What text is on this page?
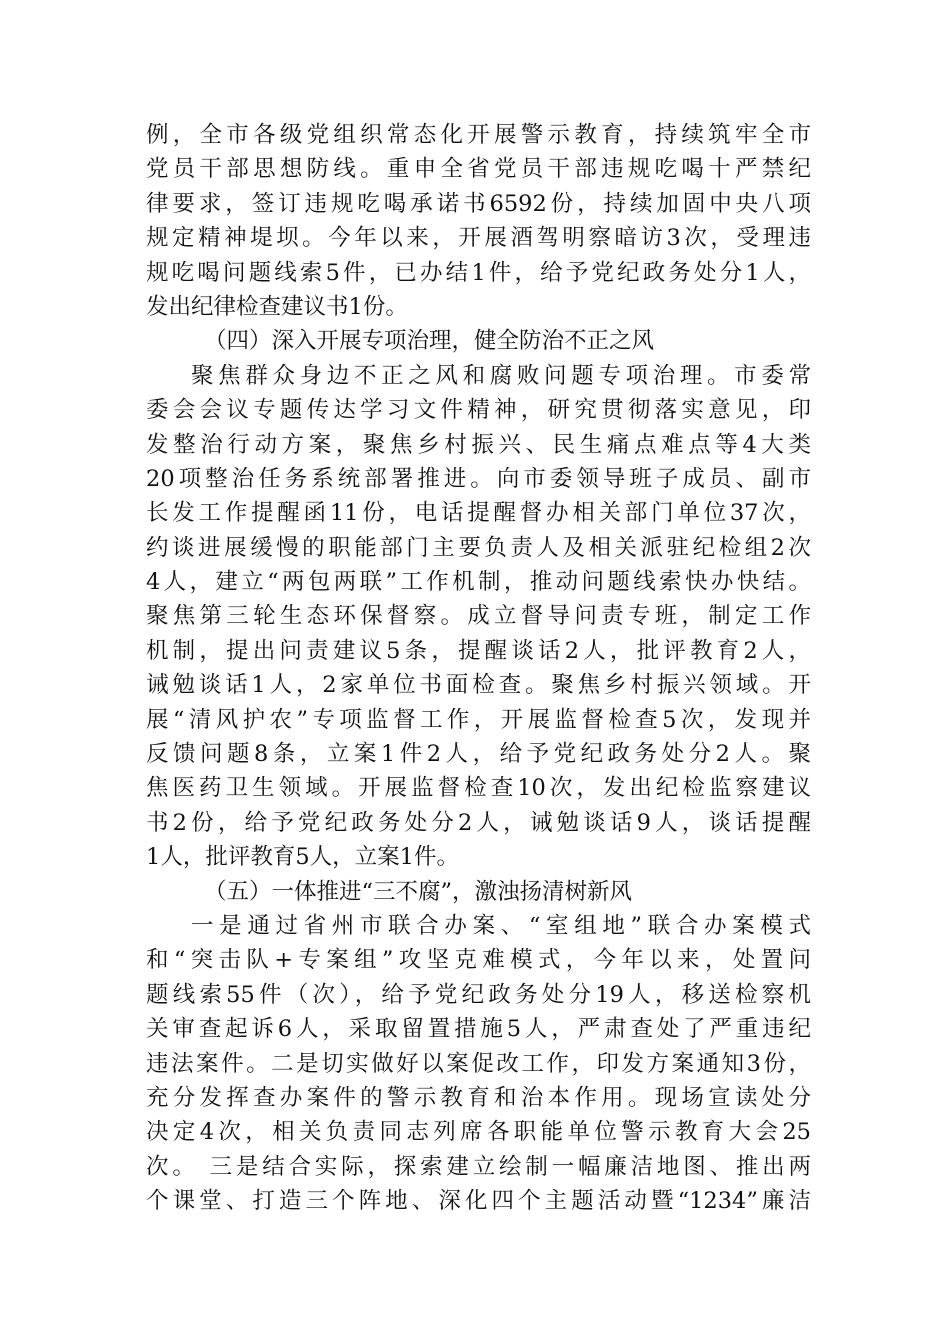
例，全市各级党组织常态化开展警示教育，持续筑牢全市
党员干部思想防线。重申全省党员干部违规吃喝十严禁纪
律要求，签订违规吃喝承诺书6592份，持续加固中央八项
规定精神堤坝。今年以来，开展酒驾明察暗访3次，受理违
规吃喝问题线索5件，已办结1件，给予党纪政务处分1人，
发出纪律检查建议书1份。
（四）深入开展专项治理，健全防治不正之风
聚焦群众身边不正之风和腐败问题专项治理。市委常
委会会议专题传达学习文件精神，研究贯彻落实意见，印
发整治行动方案，聚焦乡村振兴、民生痛点难点等4大类
20项整治任务系统部署推进。向市委领导班子成员、副市
长发工作提醒函11份，电话提醒督办相关部门单位37次，
约谈进展缓慢的职能部门主要负责人及相关派驻纪检组2次
4人，建立“两包两联”工作机制，推动问题线索快办快结。
聚焦第三轮生态环保督察。成立督导问责专班，制定工作
机制，提出问责建议5条，提醒谈话2人，批评教育2人，
诫勉谈话1人，2家单位书面检查。聚焦乡村振兴领域。开
展“清风护农”专项监督工作，开展监督检查5次，发现并
反馈问题8条，立案1件2人，给予党纪政务处分2人。聚
焦医药卫生领域。开展监督检查10次，发出纪检监察建议
书2份，给予党纪政务处分2人，诫勉谈话9人，谈话提醒
1人，批评教育5人，立案1件。
（五）一体推进“三不腐”，激浊扬清树新风
一是通过省州市联合办案、“室组地”联合办案模式
和“突击队+专案组”攻坚克难模式，今年以来，处置问
题线索55件（次），给予党纪政务处分19人，移送检察机
关审查起诉6人，采取留置措施5人，严肃查处了严重违纪
违法案件。二是切实做好以案促改工作，印发方案通知3份，
充分发挥查办案件的警示教育和治本作用。现场宣读处分
决定4次，相关负责同志列席各职能单位警示教育大会25
次。 三是结合实际，探索建立绘制一幅廉洁地图、推出两
个课堂、打造三个阵地、深化四个主题活动暨“1234”廉洁
